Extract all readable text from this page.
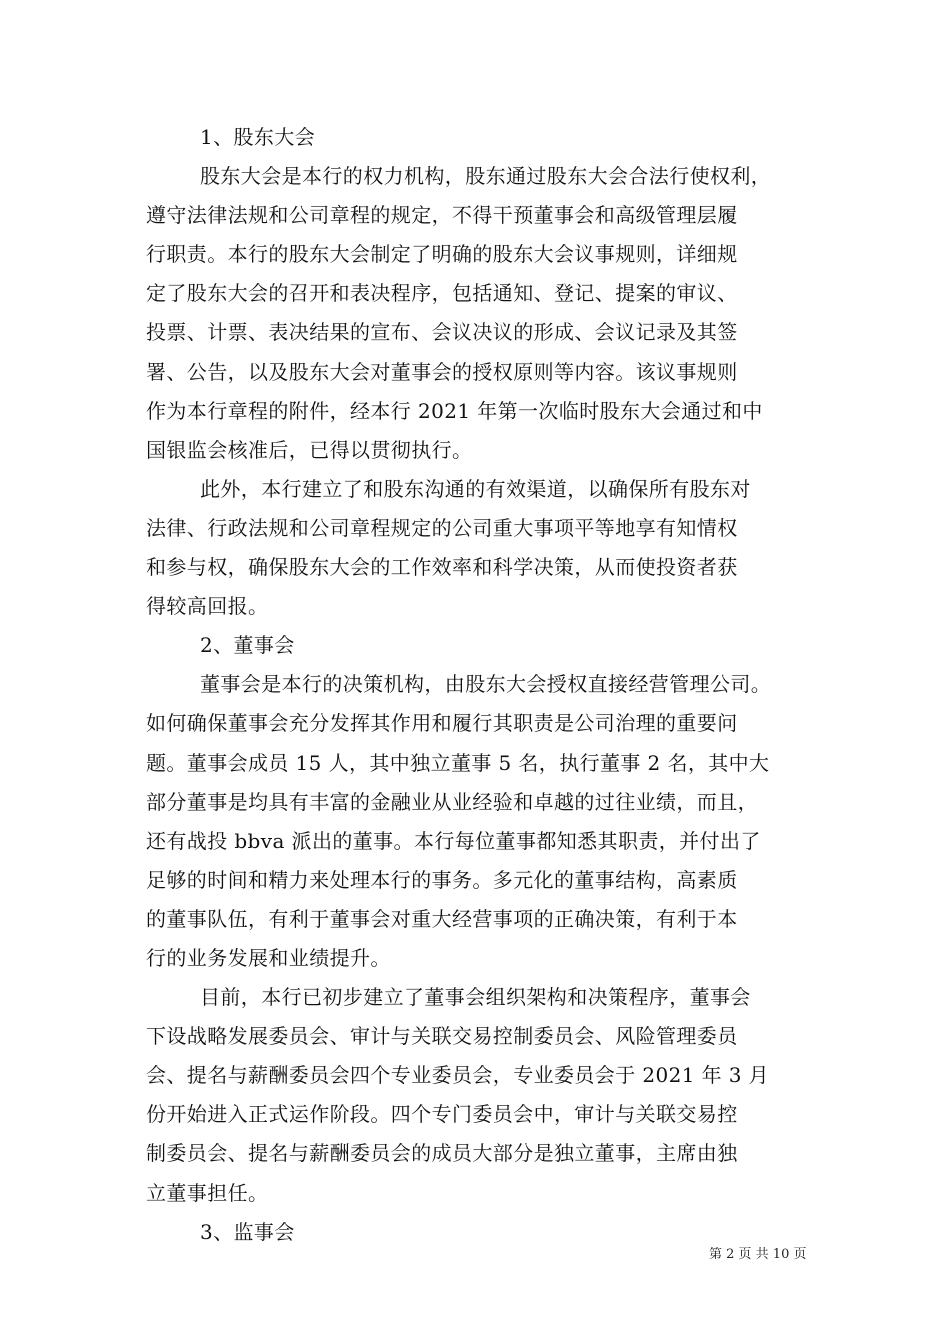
1、股东大会
股东大会是本行的权力机构，股东通过股东大会合法行使权利，
遵守法律法规和公司章程的规定，不得干预董事会和高级管理层履
行职责。本行的股东大会制定了明确的股东大会议事规则，详细规
定了股东大会的召开和表决程序，包括通知、登记、提案的审议、
投票、计票、表决结果的宣布、会议决议的形成、会议记录及其签
署、公告，以及股东大会对董事会的授权原则等内容。该议事规则
作为本行章程的附件，经本行 2021 年第一次临时股东大会通过和中
国银监会核准后，已得以贯彻执行。
此外，本行建立了和股东沟通的有效渠道，以确保所有股东对
法律、行政法规和公司章程规定的公司重大事项平等地享有知情权
和参与权，确保股东大会的工作效率和科学决策，从而使投资者获
得较高回报。
2、董事会
董事会是本行的决策机构，由股东大会授权直接经营管理公司。
如何确保董事会充分发挥其作用和履行其职责是公司治理的重要问
题。董事会成员 15 人，其中独立董事 5 名，执行董事 2 名，其中大
部分董事是均具有丰富的金融业从业经验和卓越的过往业绩，而且，
还有战投 bbva 派出的董事。本行每位董事都知悉其职责，并付出了
足够的时间和精力来处理本行的事务。多元化的董事结构，高素质
的董事队伍，有利于董事会对重大经营事项的正确决策，有利于本
行的业务发展和业绩提升。
目前，本行已初步建立了董事会组织架构和决策程序，董事会
下设战略发展委员会、审计与关联交易控制委员会、风险管理委员
会、提名与薪酬委员会四个专业委员会，专业委员会于 2021 年 3 月
份开始进入正式运作阶段。四个专门委员会中，审计与关联交易控
制委员会、提名与薪酬委员会的成员大部分是独立董事，主席由独
立董事担任。
3、监事会
第 2 页 共 10 页
